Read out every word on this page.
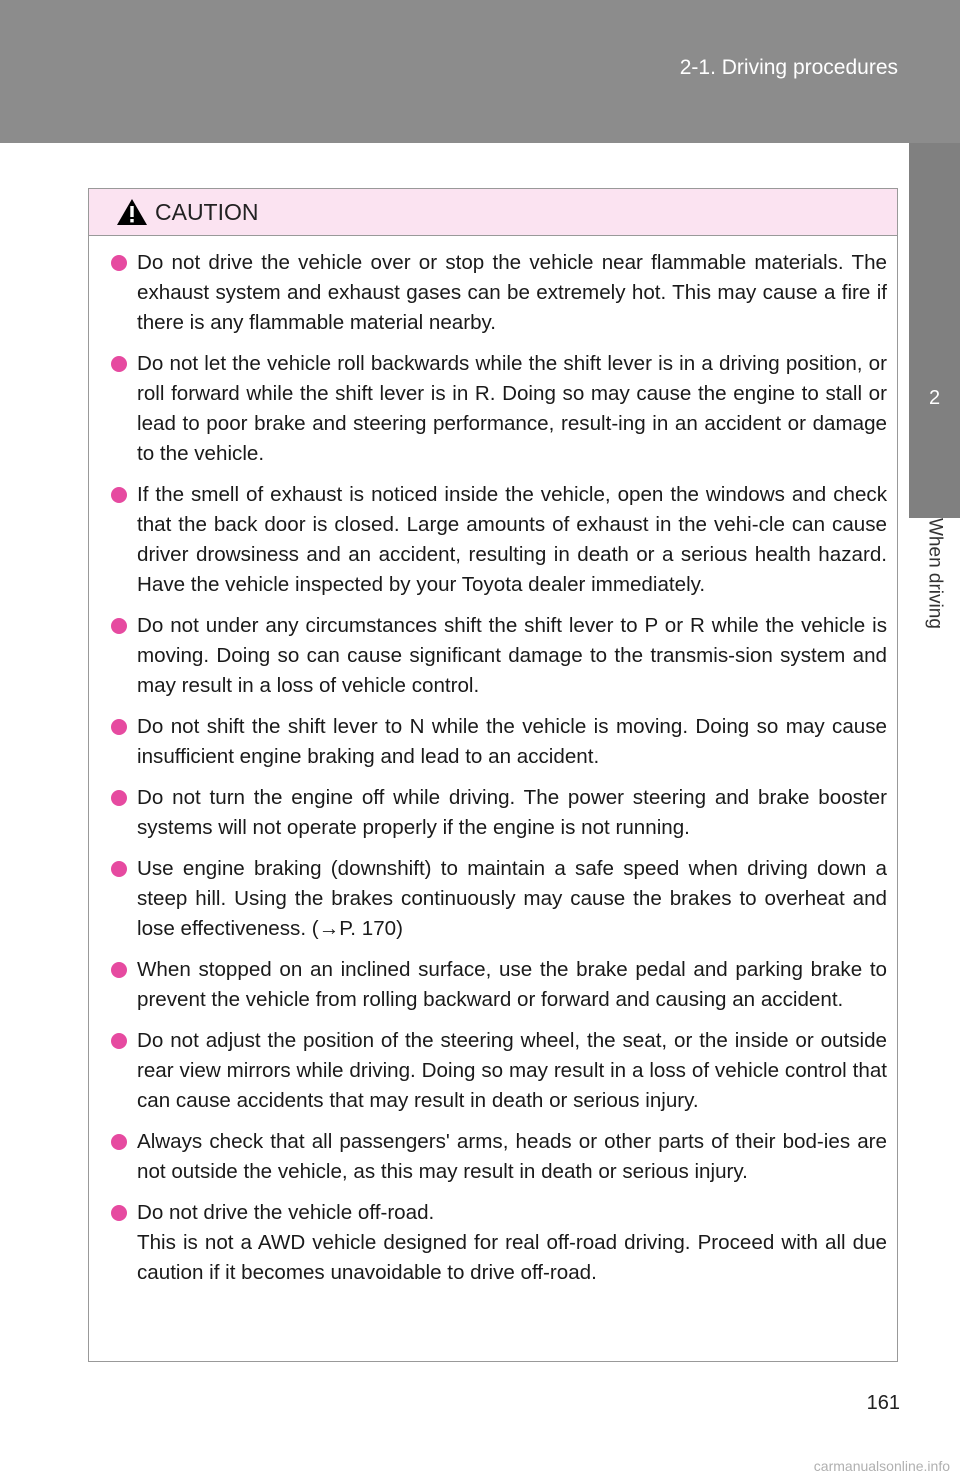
2-1. Driving procedures
2
When driving
CAUTION
Do not drive the vehicle over or stop the vehicle near flammable materials. The exhaust system and exhaust gases can be extremely hot. This may cause a fire if there is any flammable material nearby.
Do not let the vehicle roll backwards while the shift lever is in a driving position, or roll forward while the shift lever is in R. Doing so may cause the engine to stall or lead to poor brake and steering performance, result-ing in an accident or damage to the vehicle.
If the smell of exhaust is noticed inside the vehicle, open the windows and check that the back door is closed. Large amounts of exhaust in the vehi-cle can cause driver drowsiness and an accident, resulting in death or a serious health hazard. Have the vehicle inspected by your Toyota dealer immediately.
Do not under any circumstances shift the shift lever to P or R while the vehicle is moving. Doing so can cause significant damage to the transmis-sion system and may result in a loss of vehicle control.
Do not shift the shift lever to N while the vehicle is moving. Doing so may cause insufficient engine braking and lead to an accident.
Do not turn the engine off while driving. The power steering and brake booster systems will not operate properly if the engine is not running.
Use engine braking (downshift) to maintain a safe speed when driving down a steep hill. Using the brakes continuously may cause the brakes to overheat and lose effectiveness. (→P. 170)
When stopped on an inclined surface, use the brake pedal and parking brake to prevent the vehicle from rolling backward or forward and causing an accident.
Do not adjust the position of the steering wheel, the seat, or the inside or outside rear view mirrors while driving. Doing so may result in a loss of vehicle control that can cause accidents that may result in death or serious injury.
Always check that all passengers' arms, heads or other parts of their bod-ies are not outside the vehicle, as this may result in death or serious injury.
Do not drive the vehicle off-road.
This is not a AWD vehicle designed for real off-road driving. Proceed with all due caution if it becomes unavoidable to drive off-road.
161
carmanualsonline.info
